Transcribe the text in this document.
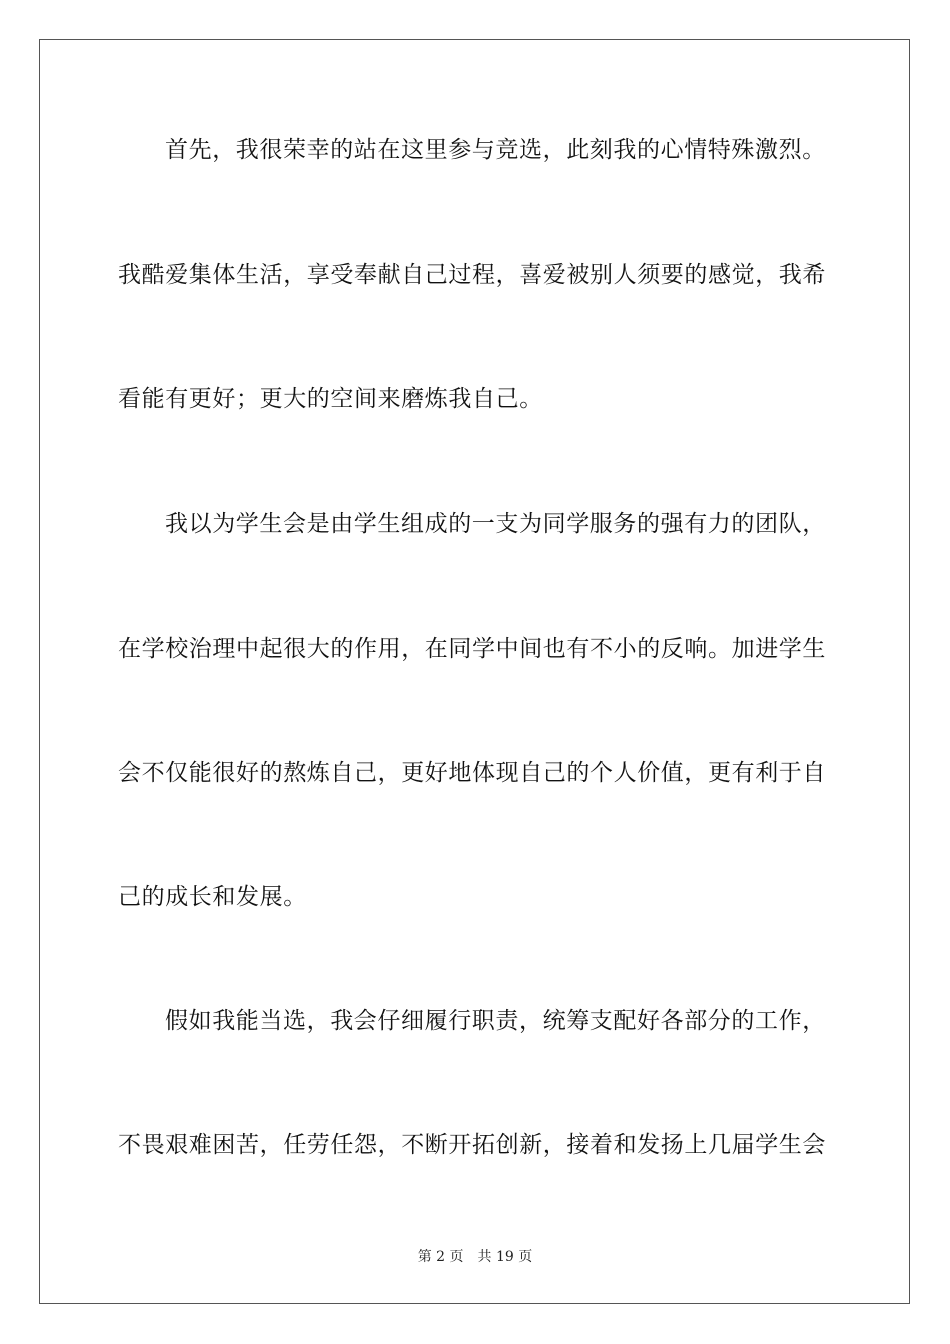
首先，我很荣幸的站在这里参与竞选，此刻我的心情特殊激烈。
我酷爱集体生活，享受奉献自己过程，喜爱被别人须要的感觉，我希
看能有更好；更大的空间来磨炼我自己。
我以为学生会是由学生组成的一支为同学服务的强有力的团队，
在学校治理中起很大的作用，在同学中间也有不小的反响。加进学生
会不仅能很好的熬炼自己，更好地体现自己的个人价值，更有利于自
己的成长和发展。
假如我能当选，我会仔细履行职责，统筹支配好各部分的工作，
不畏艰难困苦，任劳任怨，不断开拓创新，接着和发扬上几届学生会
第 2 页 共 19 页
